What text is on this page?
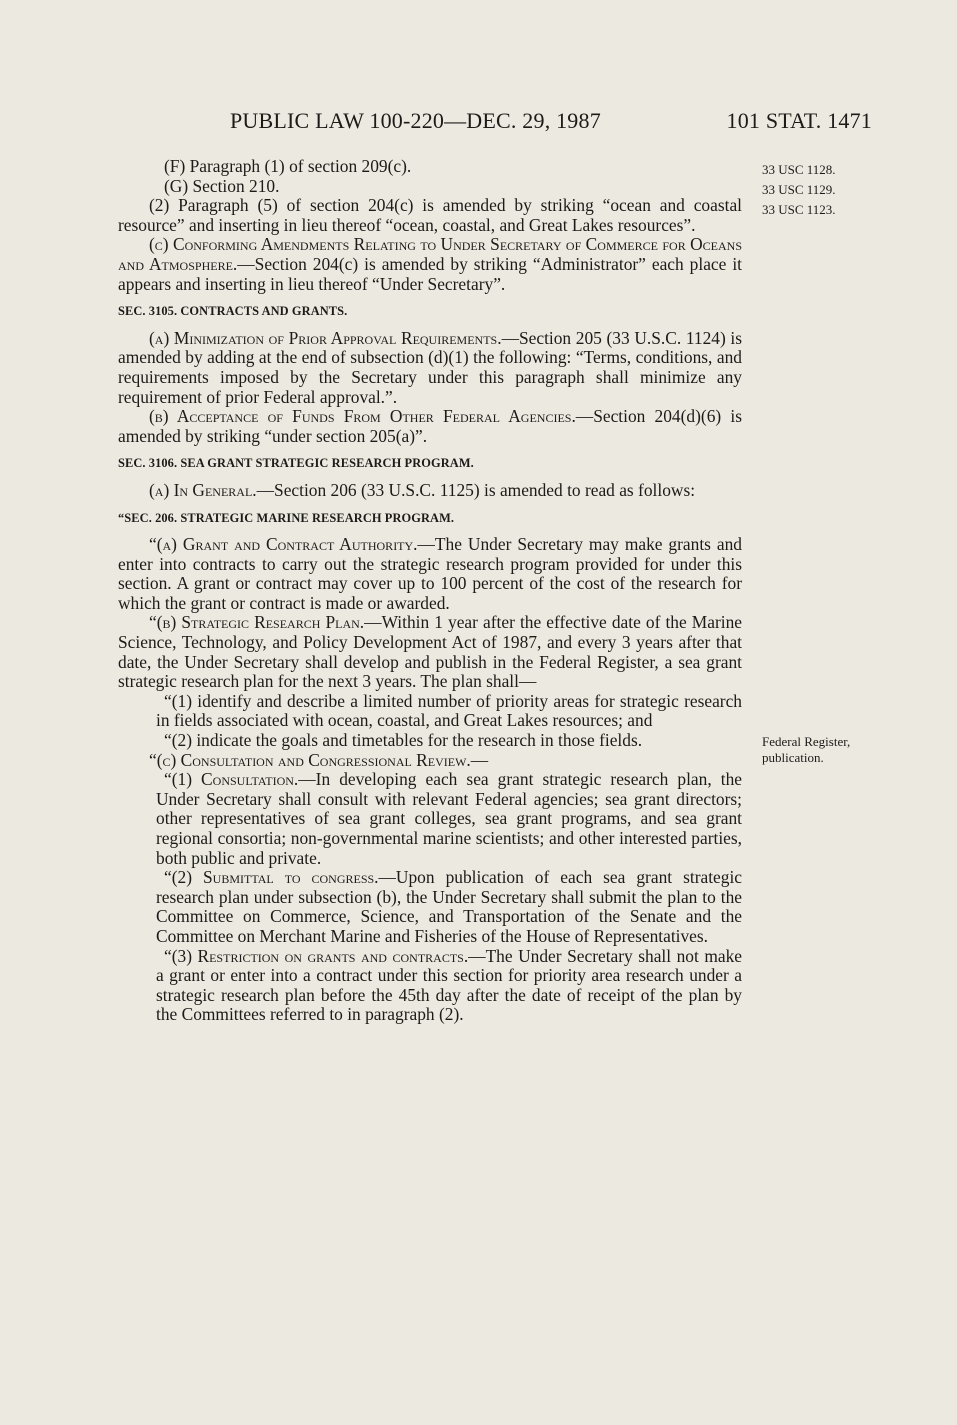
PUBLIC LAW 100-220—DEC. 29, 1987	101 STAT. 1471
33 USC 1128.
33 USC 1129.
33 USC 1123.
Federal Register, publication.

(F) Paragraph (1) of section 209(c).

(G) Section 210.

(2) Paragraph (5) of section 204(c) is amended by striking “ocean and coastal resource” and inserting in lieu thereof “ocean, coastal, and Great Lakes resources”.

(c) Conforming Amendments Relating to Under Secretary of Commerce for Oceans and Atmosphere.—Section 204(c) is amended by striking “Administrator” each place it appears and inserting in lieu thereof “Under Secretary”.

SEC. 3105. CONTRACTS AND GRANTS.

(a) Minimization of Prior Approval Requirements.—Section 205 (33 U.S.C. 1124) is amended by adding at the end of subsection (d)(1) the following: “Terms, conditions, and requirements imposed by the Secretary under this paragraph shall minimize any requirement of prior Federal approval.”.

(b) Acceptance of Funds From Other Federal Agencies.—Section 204(d)(6) is amended by striking “under section 205(a)”.

SEC. 3106. SEA GRANT STRATEGIC RESEARCH PROGRAM.

(a) In General.—Section 206 (33 U.S.C. 1125) is amended to read as follows:

“SEC. 206. STRATEGIC MARINE RESEARCH PROGRAM.

“(a) Grant and Contract Authority.—The Under Secretary may make grants and enter into contracts to carry out the strategic research program provided for under this section. A grant or contract may cover up to 100 percent of the cost of the research for which the grant or contract is made or awarded.

“(b) Strategic Research Plan.—Within 1 year after the effective date of the Marine Science, Technology, and Policy Development Act of 1987, and every 3 years after that date, the Under Secretary shall develop and publish in the Federal Register, a sea grant strategic research plan for the next 3 years. The plan shall—

“(1) identify and describe a limited number of priority areas for strategic research in fields associated with ocean, coastal, and Great Lakes resources; and

“(2) indicate the goals and timetables for the research in those fields.

“(c) Consultation and Congressional Review.—

“(1) Consultation.—In developing each sea grant strategic research plan, the Under Secretary shall consult with relevant Federal agencies; sea grant directors; other representatives of sea grant colleges, sea grant programs, and sea grant regional consortia; non-governmental marine scientists; and other interested parties, both public and private.

“(2) Submittal to congress.—Upon publication of each sea grant strategic research plan under subsection (b), the Under Secretary shall submit the plan to the Committee on Commerce, Science, and Transportation of the Senate and the Committee on Merchant Marine and Fisheries of the House of Representatives.

“(3) Restriction on grants and contracts.—The Under Secretary shall not make a grant or enter into a contract under this section for priority area research under a strategic research plan before the 45th day after the date of receipt of the plan by the Committees referred to in paragraph (2).
